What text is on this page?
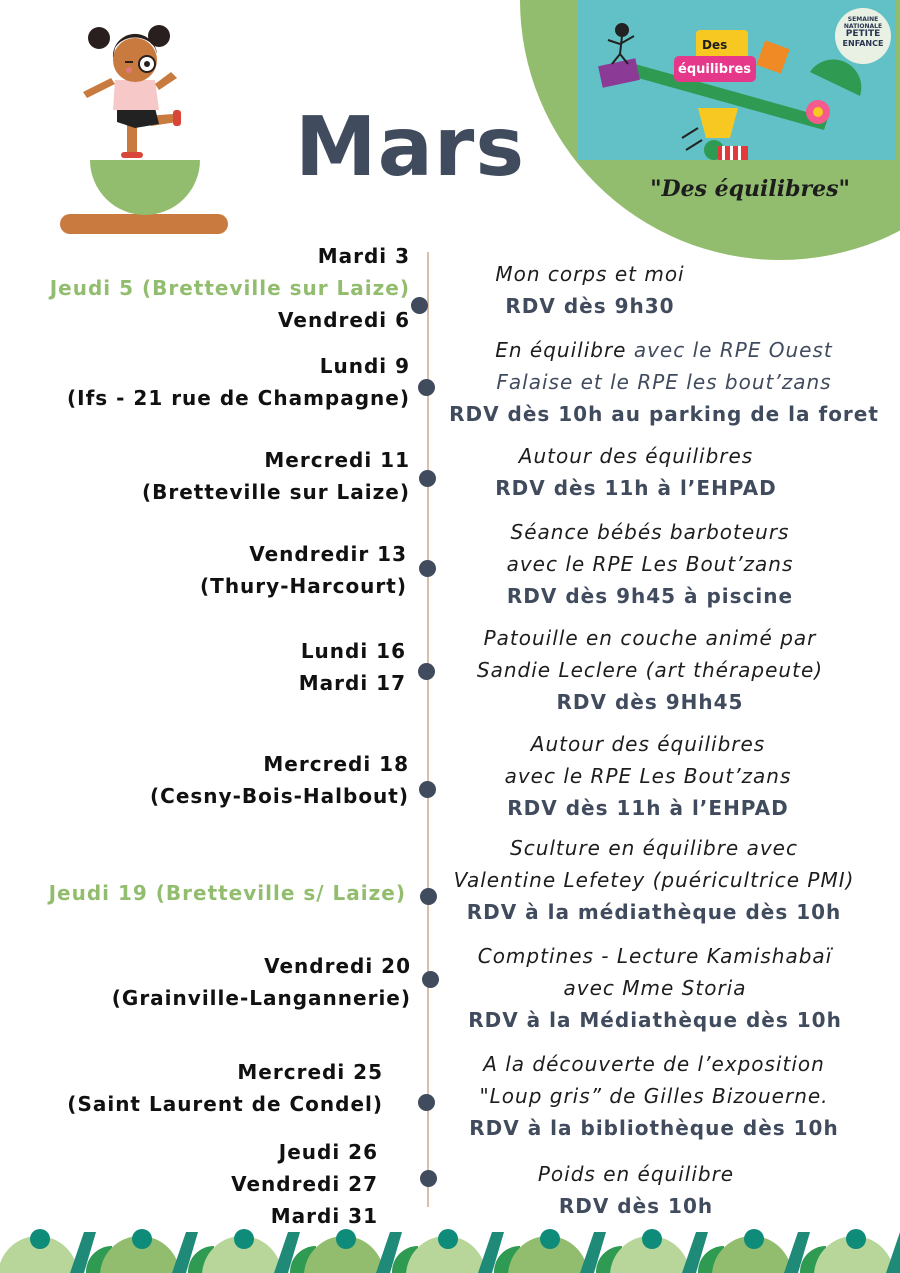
Des
équilibres
SEMAINE
NATIONALE
PETITE
ENFANCE
"Des équilibres"
Mars
Mardi 3
Jeudi 5 (Bretteville sur Laize)
Vendredi 6
Mon corps et moi
RDV dès 9h30
Lundi 9
(Ifs - 21 rue de Champagne)
En équilibre avec le RPE Ouest
Falaise et le RPE les bout’zans
RDV dès 10h au parking de la foret
Mercredi 11
(Bretteville sur Laize)
Autour des équilibres
RDV dès 11h à l’EHPAD
Vendredir 13
(Thury-Harcourt)
Séance bébés barboteurs
avec le RPE Les Bout’zans
RDV dès 9h45 à piscine
Lundi 16
Mardi 17
Patouille en couche animé par
Sandie Leclere (art thérapeute)
RDV dès 9Hh45
Mercredi 18
(Cesny-Bois-Halbout)
Autour des équilibres
avec le RPE Les Bout’zans
RDV dès 11h à l’EHPAD
Jeudi 19 (Bretteville s/ Laize)
Sculture en équilibre avec
Valentine Lefetey (puéricultrice PMI)
RDV à la médiathèque dès 10h
Vendredi 20
(Grainville-Langannerie)
Comptines - Lecture Kamishabaï
avec Mme Storia
RDV à la Médiathèque dès 10h
Mercredi 25
(Saint Laurent de Condel)
A la découverte de l’exposition
"Loup gris” de Gilles Bizouerne.
RDV à la bibliothèque dès 10h
Jeudi 26
Vendredi 27
Mardi 31
Poids en équilibre
RDV dès 10h
